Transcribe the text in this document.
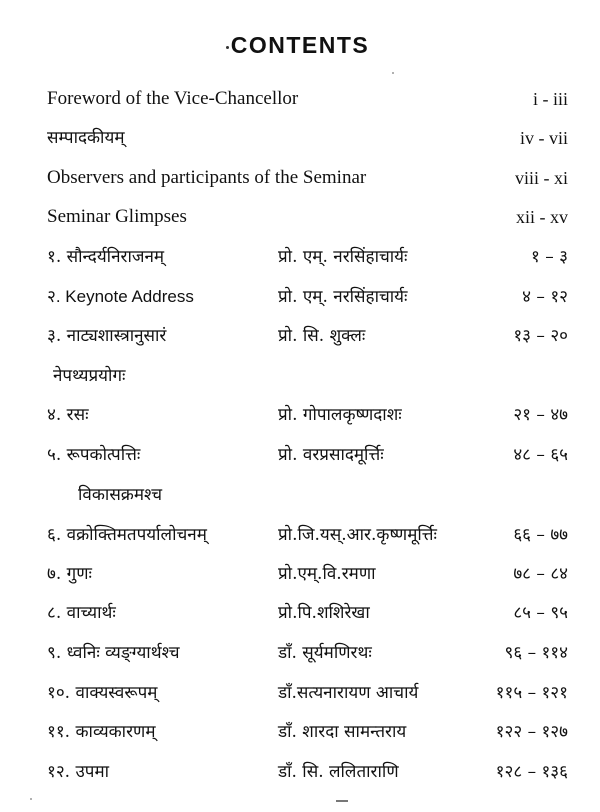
CONTENTS
Foreword of the Vice-Chancellor	i - iii
सम्पादकीयम्	iv - vii
Observers and participants of the Seminar	viii - xi
Seminar Glimpses	xii - xv
१. सौन्दर्यनिराजनम्	प्रो. एम्. नरसिंहाचार्यः	१ – ३
२. Keynote Address	प्रो. एम्. नरसिंहाचार्यः	४ – १२
३. नाट्यशास्त्रानुसारं	प्रो. सि. शुक्लः	१३ – २०
नेपथ्यप्रयोगः
४. रसः	प्रो. गोपालकृष्णदाशः	२१ – ४७
५. रूपकोत्पत्तिः	प्रो. वरप्रसादमूर्त्तिः	४८ – ६५
विकासक्रमश्च
६. वक्रोक्तिमतपर्यालोचनम्	प्रो.जि.यस्.आर.कृष्णमूर्त्तिः	६६ – ७७
७. गुणः	प्रो.एम्.वि.रमणा	७८ – ८४
८. वाच्यार्थः	प्रो.पि.शशिरेखा	८५ – ९५
९. ध्वनिः व्यङ्ग्यार्थश्च	डाँ. सूर्यमणिरथः	९६ – ११४
१०. वाक्यस्वरूपम्	डाँ.सत्यनारायण आचार्य	११५ – १२१
११. काव्यकारणम्	डाँ. शारदा सामन्तराय	१२२ – १२७
१२. उपमा	डाँ. सि. ललिताराणि	१२८ – १३६
